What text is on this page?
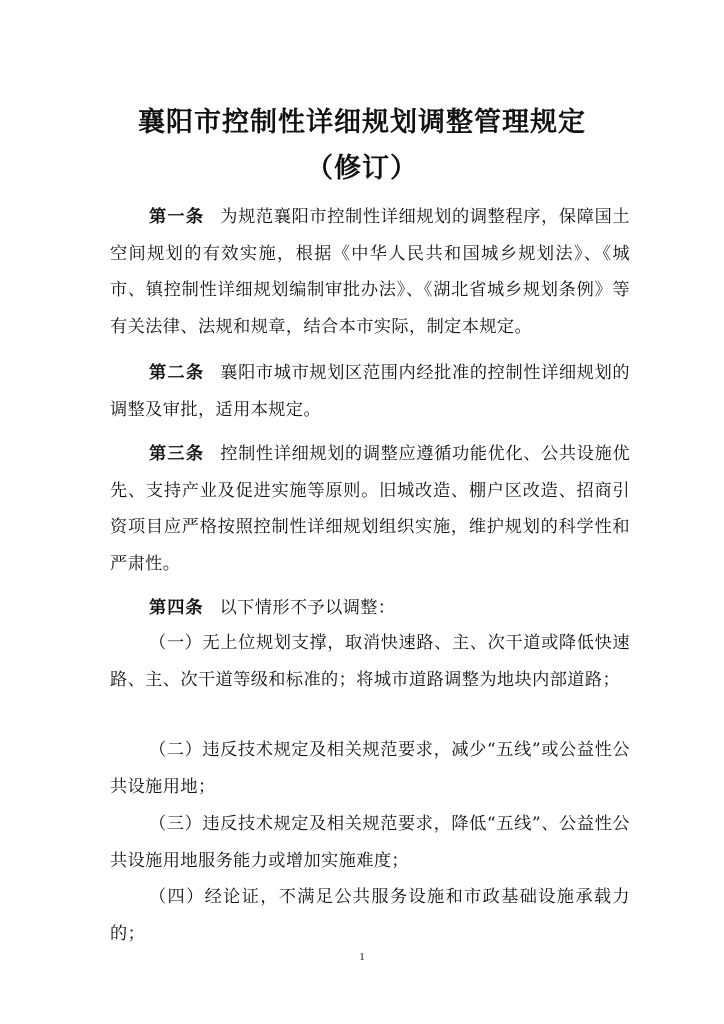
襄阳市控制性详细规划调整管理规定
（修订）

第一条 为规范襄阳市控制性详细规划的调整程序，保障国土空间规划的有效实施，根据《中华人民共和国城乡规划法》、《城市、镇控制性详细规划编制审批办法》、《湖北省城乡规划条例》等有关法律、法规和规章，结合本市实际，制定本规定。

第二条 襄阳市城市规划区范围内经批准的控制性详细规划的调整及审批，适用本规定。

第三条 控制性详细规划的调整应遵循功能优化、公共设施优先、支持产业及促进实施等原则。旧城改造、棚户区改造、招商引资项目应严格按照控制性详细规划组织实施，维护规划的科学性和严肃性。

第四条 以下情形不予以调整：

（一）无上位规划支撑，取消快速路、主、次干道或降低快速路、主、次干道等级和标准的；将城市道路调整为地块内部道路；

（二）违反技术规定及相关规范要求，减少“五线”或公益性公共设施用地；

（三）违反技术规定及相关规范要求，降低“五线”、公益性公共设施用地服务能力或增加实施难度；

（四）经论证，不满足公共服务设施和市政基础设施承载力的；

1
